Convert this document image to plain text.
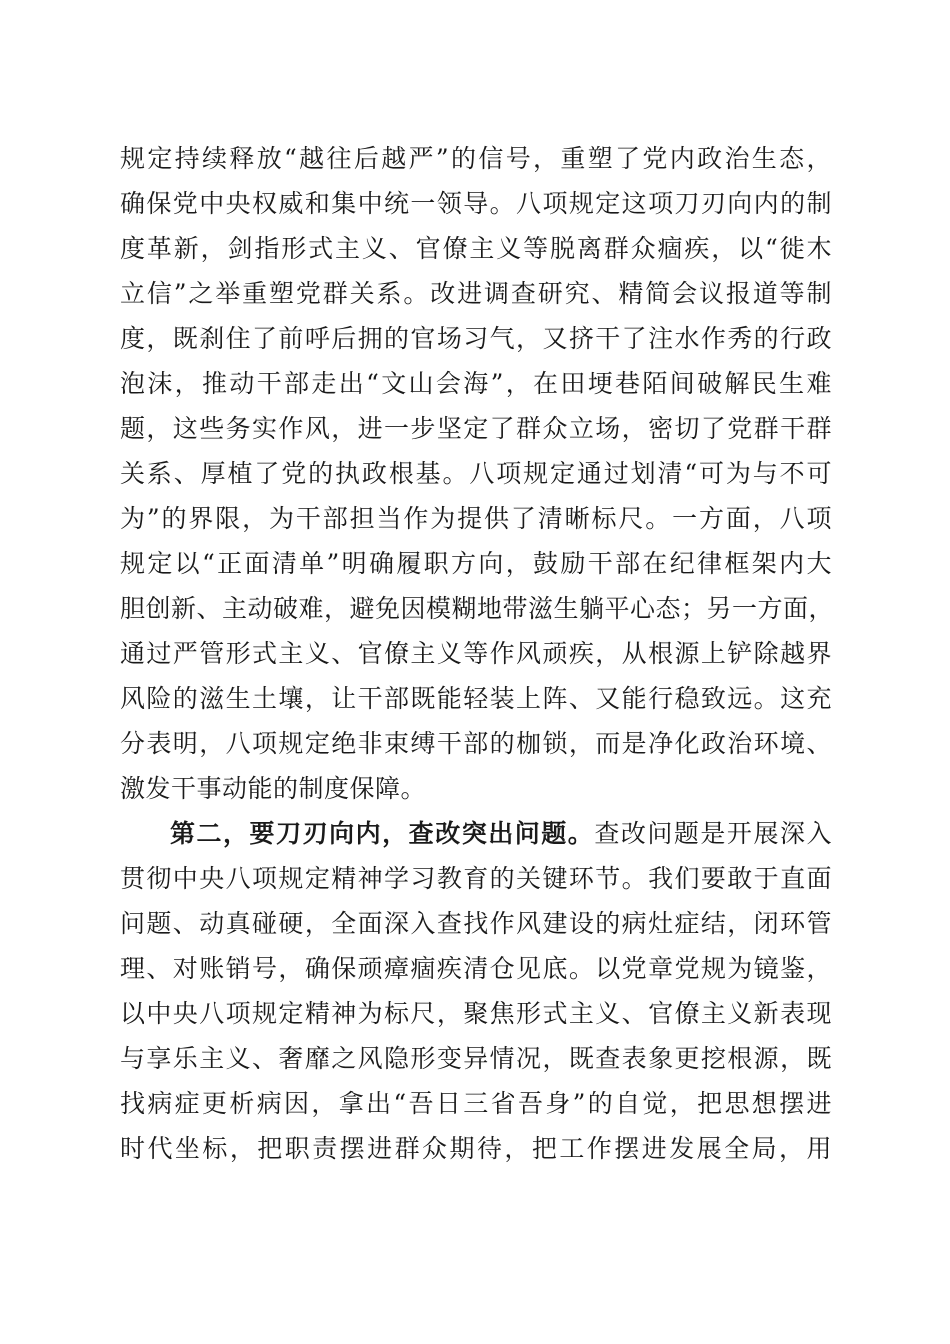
规定持续释放“越往后越严”的信号，重塑了党内政治生态，
确保党中央权威和集中统一领导。八项规定这项刀刃向内的制
度革新，剑指形式主义、官僚主义等脱离群众痼疾，以“徙木
立信”之举重塑党群关系。改进调查研究、精简会议报道等制
度，既刹住了前呼后拥的官场习气，又挤干了注水作秀的行政
泡沫，推动干部走出“文山会海”，在田埂巷陌间破解民生难
题，这些务实作风，进一步坚定了群众立场，密切了党群干群
关系、厚植了党的执政根基。八项规定通过划清“可为与不可
为”的界限，为干部担当作为提供了清晰标尺。一方面，八项
规定以“正面清单”明确履职方向，鼓励干部在纪律框架内大
胆创新、主动破难，避免因模糊地带滋生躺平心态；另一方面，
通过严管形式主义、官僚主义等作风顽疾，从根源上铲除越界
风险的滋生土壤，让干部既能轻装上阵、又能行稳致远。这充
分表明，八项规定绝非束缚干部的枷锁，而是净化政治环境、
激发干事动能的制度保障。
第二，要刀刃向内，查改突出问题。查改问题是开展深入
贯彻中央八项规定精神学习教育的关键环节。我们要敢于直面
问题、动真碰硬，全面深入查找作风建设的病灶症结，闭环管
理、对账销号，确保顽瘴痼疾清仓见底。以党章党规为镜鉴，
以中央八项规定精神为标尺，聚焦形式主义、官僚主义新表现
与享乐主义、奢靡之风隐形变异情况，既查表象更挖根源，既
找病症更析病因，拿出“吾日三省吾身”的自觉，把思想摆进
时代坐标，把职责摆进群众期待，把工作摆进发展全局，用
